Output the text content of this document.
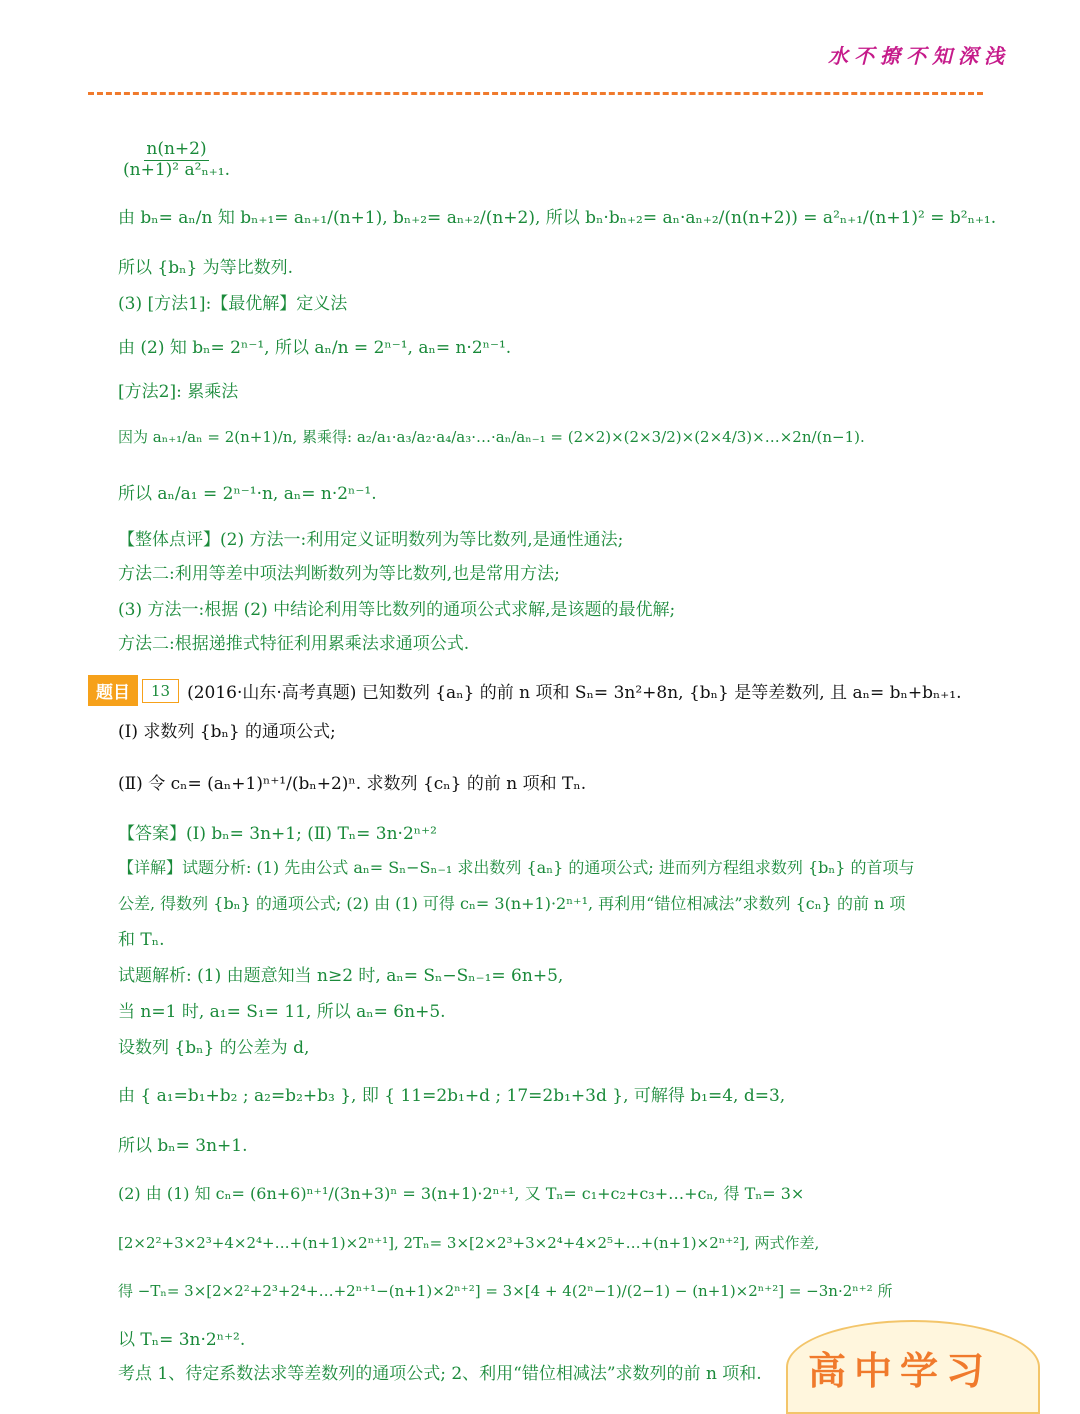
水不撩不知深浅
$\frac{n(n+2)}{\text{(n+1)² a²ₙ₊₁.}}$
由 bₙ= aₙ/n 知 bₙ₊₁= aₙ₊₁/(n+1), bₙ₊₂= aₙ₊₂/(n+2), 所以 bₙ·bₙ₊₂= aₙ·aₙ₊₂/(n(n+2)) = a²ₙ₊₁/(n+1)² = b²ₙ₊₁.
所以 {bₙ} 为等比数列.
(3) [方法1]:【最优解】定义法
由 (2) 知 bₙ= 2ⁿ⁻¹, 所以 aₙ/n = 2ⁿ⁻¹, aₙ= n·2ⁿ⁻¹.
[方法2]: 累乘法
因为 aₙ₊₁/aₙ = 2(n+1)/n, 累乘得: a₂/a₁·a₃/a₂·a₄/a₃·…·aₙ/aₙ₋₁ = (2×2)×(2×3/2)×(2×4/3)×…×2n/(n−1).
所以 aₙ/a₁ = 2ⁿ⁻¹·n, aₙ= n·2ⁿ⁻¹.
【整体点评】(2) 方法一:利用定义证明数列为等比数列,是通性通法;
方法二:利用等差中项法判断数列为等比数列,也是常用方法;
(3) 方法一:根据 (2) 中结论利用等比数列的通项公式求解,是该题的最优解;
方法二:根据递推式特征利用累乘法求通项公式.
题目	13	(2016·山东·高考真题) 已知数列 {aₙ} 的前 n 项和 Sₙ= 3n²+8n, {bₙ} 是等差数列, 且 aₙ= bₙ+bₙ₊₁.
(Ⅰ) 求数列 {bₙ} 的通项公式;
(Ⅱ) 令 cₙ= (aₙ+1)ⁿ⁺¹/(bₙ+2)ⁿ. 求数列 {cₙ} 的前 n 项和 Tₙ.
【答案】(Ⅰ) bₙ= 3n+1; (Ⅱ) Tₙ= 3n·2ⁿ⁺²
【详解】试题分析: (1) 先由公式 aₙ= Sₙ−Sₙ₋₁ 求出数列 {aₙ} 的通项公式; 进而列方程组求数列 {bₙ} 的首项与
公差, 得数列 {bₙ} 的通项公式; (2) 由 (1) 可得 cₙ= 3(n+1)·2ⁿ⁺¹, 再利用“错位相减法”求数列 {cₙ} 的前 n 项
和 Tₙ.
试题解析: (1) 由题意知当 n≥2 时, aₙ= Sₙ−Sₙ₋₁= 6n+5,
当 n=1 时, a₁= S₁= 11, 所以 aₙ= 6n+5.
设数列 {bₙ} 的公差为 d,
由 { a₁=b₁+b₂ ; a₂=b₂+b₃ }, 即 { 11=2b₁+d ; 17=2b₁+3d }, 可解得 b₁=4, d=3,
所以 bₙ= 3n+1.
(2) 由 (1) 知 cₙ= (6n+6)ⁿ⁺¹/(3n+3)ⁿ = 3(n+1)·2ⁿ⁺¹, 又 Tₙ= c₁+c₂+c₃+…+cₙ, 得 Tₙ= 3×
[2×2²+3×2³+4×2⁴+…+(n+1)×2ⁿ⁺¹], 2Tₙ= 3×[2×2³+3×2⁴+4×2⁵+…+(n+1)×2ⁿ⁺²], 两式作差,
得 −Tₙ= 3×[2×2²+2³+2⁴+…+2ⁿ⁺¹−(n+1)×2ⁿ⁺²] = 3×[4 + 4(2ⁿ−1)/(2−1) − (n+1)×2ⁿ⁺²] = −3n·2ⁿ⁺² 所
以 Tₙ= 3n·2ⁿ⁺².
考点 1、待定系数法求等差数列的通项公式; 2、利用“错位相减法”求数列的前 n 项和. 高中学习
